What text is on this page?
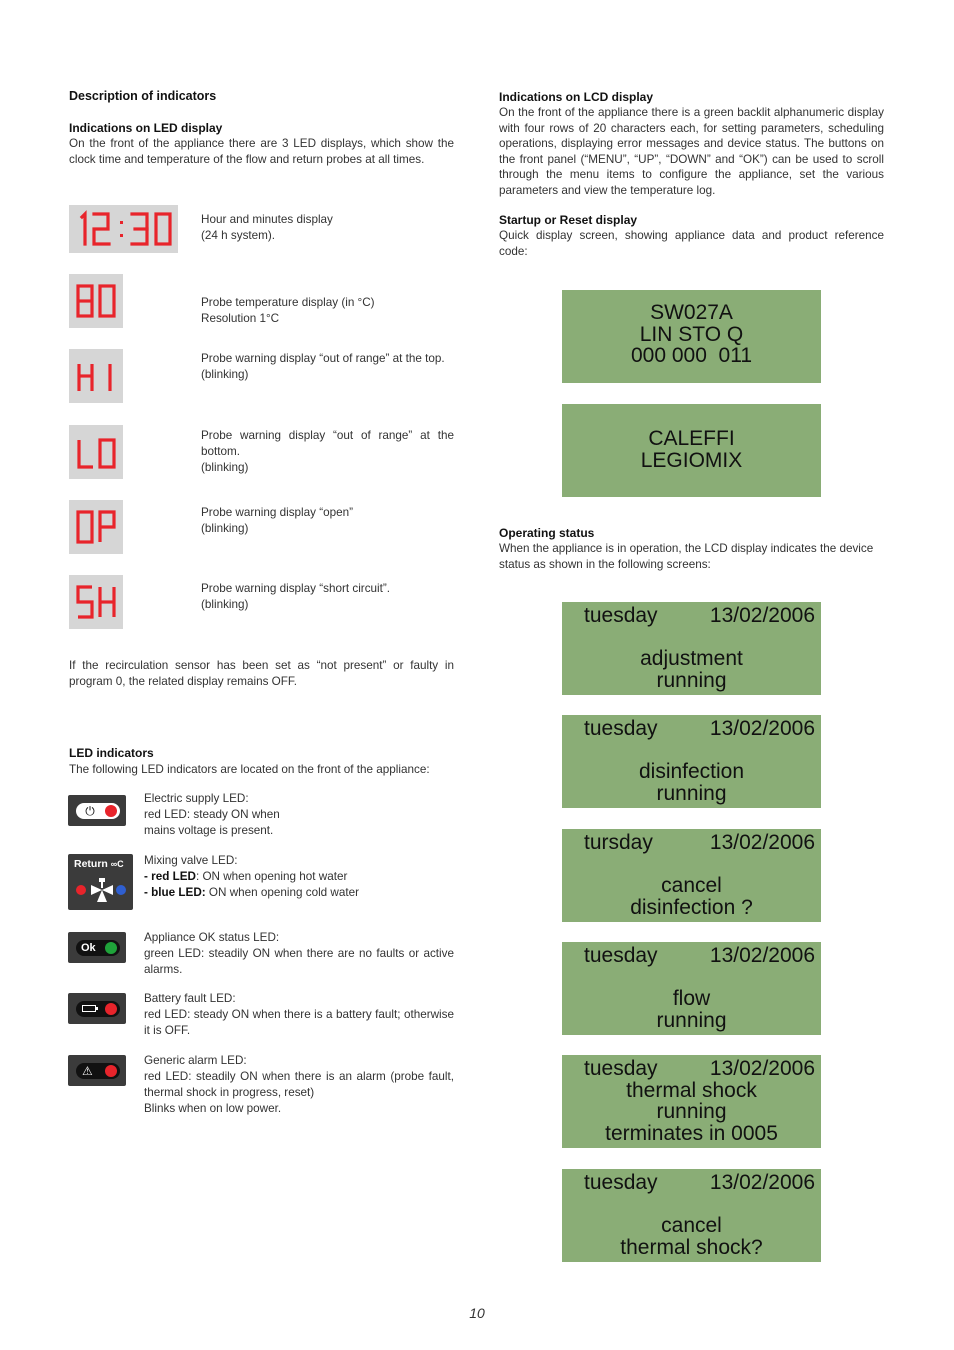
Description of indicators
Indications on LED display
On the front of the appliance there are 3 LED displays, which show the clock time and temperature of the flow and return probes at all times.
Hour and minutes display
(24 h system).
Probe temperature display (in °C)
Resolution 1°C
Probe warning display “out of range” at the top.
(blinking)
Probe warning display “out of range” at the bottom.
(blinking)
Probe warning display “open”
(blinking)
Probe warning display “short circuit”.
(blinking)
If the recirculation sensor has been set as “not present” or faulty in program 0, the related display remains OFF.
LED indicators
The following LED indicators are located on the front of the appliance:
⏻
Electric supply LED:
red LED: steady ON when
mains voltage is present.
Return ∞C Mixing valve LED:
- red LED: ON when opening hot water
- blue LED: ON when opening cold water
Ok
Appliance OK status LED:
green LED: steadily ON when there are no faults or active alarms.
Battery fault LED:
red LED: steady ON when there is a battery fault; otherwise it is OFF.
⚠
Generic alarm LED:
red LED: steadily ON when there is an alarm (probe fault, thermal shock in progress, reset)
Blinks when on low power.
Indications on LCD display
On the front of the appliance there is a green backlit alphanumeric display with four rows of 20 characters each, for setting parameters, scheduling operations, displaying error messages and device status. The buttons on the front panel (“MENU”, “UP”, “DOWN” and “OK”) can be used to scroll through the menu items to configure the appliance, set the various parameters and view the temperature log.
Startup or Reset display
Quick display screen, showing appliance data and product reference code:
SW027A
LIN STO Q
000 000  011
CALEFFI
LEGIOMIX
Operating status
When the appliance is in operation, the LCD display indicates the device status as shown in the following screens:
tuesday 13/02/2006
adjustment
running
tuesday 13/02/2006
disinfection
running
tursday	13/02/2006
cancel
disinfection ?
tuesday 13/02/2006
flow
running
tuesday 13/02/2006
thermal shock
running
terminates in 0005
tuesday 13/02/2006
cancel
thermal shock?
10
